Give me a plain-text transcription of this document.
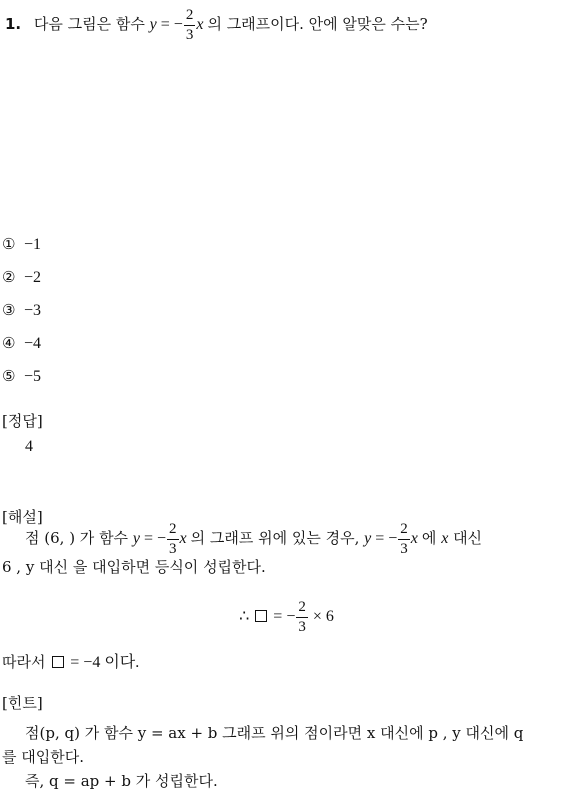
1. 다음 그림은 함수 y = − $\frac{2}{3}$ x 의 그래프이다. 안에 알맞은 수는?
① −1
② −2
③ −3
④ −4
⑤ −5
[정답]
4
[해설]
점 (6, ) 가 함수 y = − $\frac{2}{3}$ x 의 그래프 위에 있는 경우, y = − $\frac{2}{3}$ x 에 x 대신
6 , y 대신 을 대입하면 등식이 성립한다.
∴  = − $\frac{2}{3} \times 6$
따라서  = −4 이다.
[힌트]
점(p, q) 가 함수 y = ax + b 그래프 위의 점이라면 x 대신에 p , y 대신에 q
를 대입한다.
즉, q = ap + b 가 성립한다.
